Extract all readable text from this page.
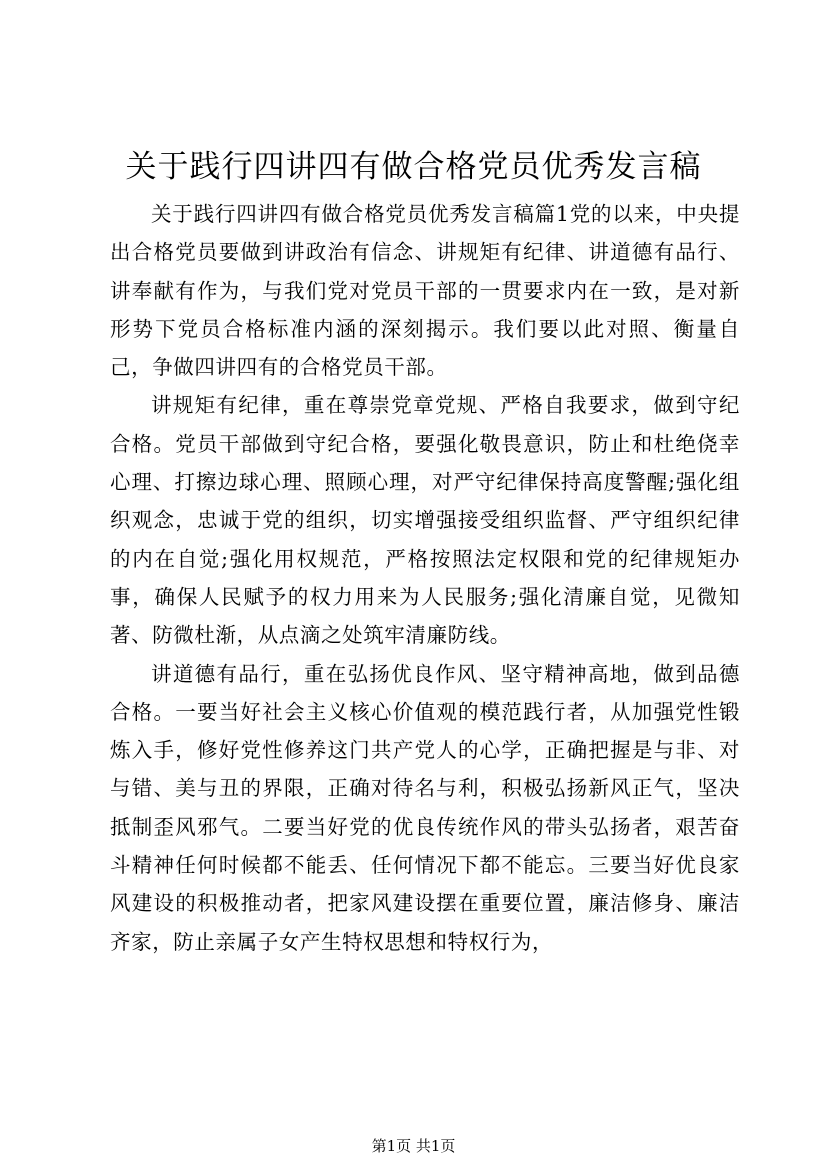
关于践行四讲四有做合格党员优秀发言稿

关于践行四讲四有做合格党员优秀发言稿篇1党的以来，中央提出合格党员要做到讲政治有信念、讲规矩有纪律、讲道德有品行、讲奉献有作为，与我们党对党员干部的一贯要求内在一致，是对新形势下党员合格标准内涵的深刻揭示。我们要以此对照、衡量自己，争做四讲四有的合格党员干部。

讲规矩有纪律，重在尊崇党章党规、严格自我要求，做到守纪合格。党员干部做到守纪合格，要强化敬畏意识，防止和杜绝侥幸心理、打擦边球心理、照顾心理，对严守纪律保持高度警醒;强化组织观念，忠诚于党的组织，切实增强接受组织监督、严守组织纪律的内在自觉;强化用权规范，严格按照法定权限和党的纪律规矩办事，确保人民赋予的权力用来为人民服务;强化清廉自觉，见微知著、防微杜渐，从点滴之处筑牢清廉防线。

讲道德有品行，重在弘扬优良作风、坚守精神高地，做到品德合格。一要当好社会主义核心价值观的模范践行者，从加强党性锻炼入手，修好党性修养这门共产党人的心学，正确把握是与非、对与错、美与丑的界限，正确对待名与利，积极弘扬新风正气，坚决抵制歪风邪气。二要当好党的优良传统作风的带头弘扬者，艰苦奋斗精神任何时候都不能丢、任何情况下都不能忘。三要当好优良家风建设的积极推动者，把家风建设摆在重要位置，廉洁修身、廉洁齐家，防止亲属子女产生特权思想和特权行为，

第1页 共1页
